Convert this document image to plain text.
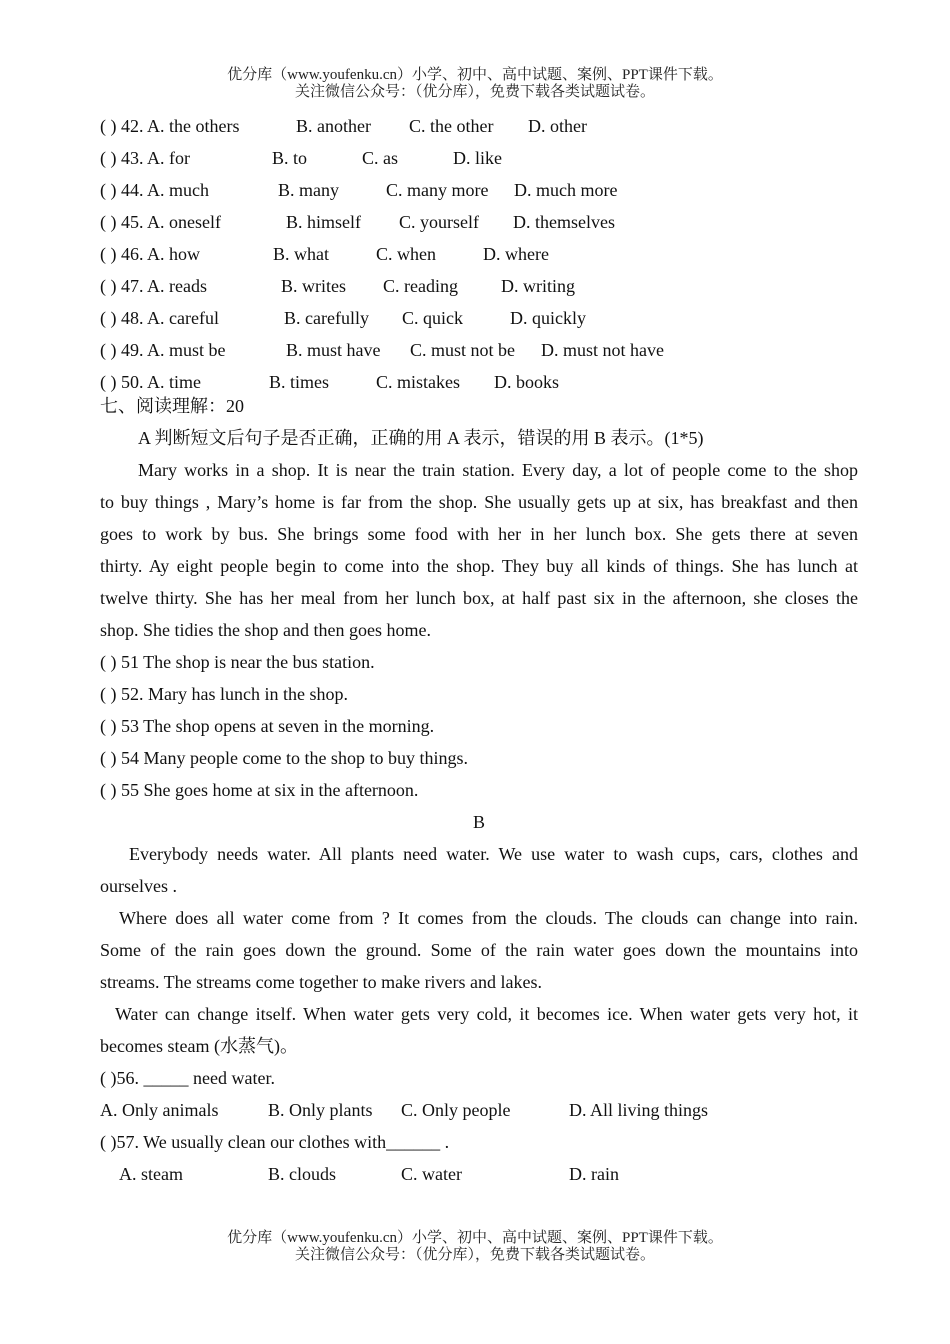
优分库（www.youfenku.cn）小学、初中、高中试题、案例、PPT课件下载。
关注微信公众号：（优分库），免费下载各类试题试卷。
( ) 42. A. the others	B. another C. the other D. other
( ) 43. A. for	B. to	C. as	D. like
( ) 44. A. much	B. many	C. many more D. much more
( ) 45. A. oneself	B. himself C. yourself D. themselves
( ) 46. A. how	B. what	C. when	D. where
( ) 47. A. reads	B. writes C. reading D. writing
( ) 48. A. careful	B. carefully C. quick	D. quickly
( ) 49. A. must be	B. must have C. must not be D. must not have
( ) 50. A. time	B. times	C. mistakes D. books
七、阅读理解：20
A 判断短文后句子是否正确，正确的用 A 表示，错误的用 B 表示。(1*5)
Mary works in a shop. It is near the train station. Every day, a lot of people come to the shop
to buy things , Mary’s home is far from the shop. She usually gets up at six, has breakfast and then
goes to work by bus. She brings some food with her in her lunch box. She gets there at seven
thirty. Ay eight people begin to come into the shop. They buy all kinds of things. She has lunch at
twelve thirty. She has her meal from her lunch box, at half past six in the afternoon, she closes the
shop. She tidies the shop and then goes home.
( ) 51 The shop is near the bus station.
( ) 52. Mary has lunch in the shop.
( ) 53 The shop opens at seven in the morning.
( ) 54 Many people come to the shop to buy things.
( ) 55 She goes home at six in the afternoon.
B
Everybody needs water. All plants need water. We use water to wash cups, cars, clothes and
ourselves .
Where does all water come from ? It comes from the clouds. The clouds can change into rain.
Some of the rain goes down the ground. Some of the rain water goes down the mountains into
streams. The streams come together to make rivers and lakes.
Water can change itself. When water gets very cold, it becomes ice. When water gets very hot, it
becomes steam (水蒸气)。
( )56. _____ need water.
A. Only animals	B. Only plants C. Only people	D. All living things
( )57. We usually clean our clothes with______ .
A. steam	B. clouds	C. water	D. rain
优分库（www.youfenku.cn）小学、初中、高中试题、案例、PPT课件下载。
关注微信公众号：（优分库），免费下载各类试题试卷。
